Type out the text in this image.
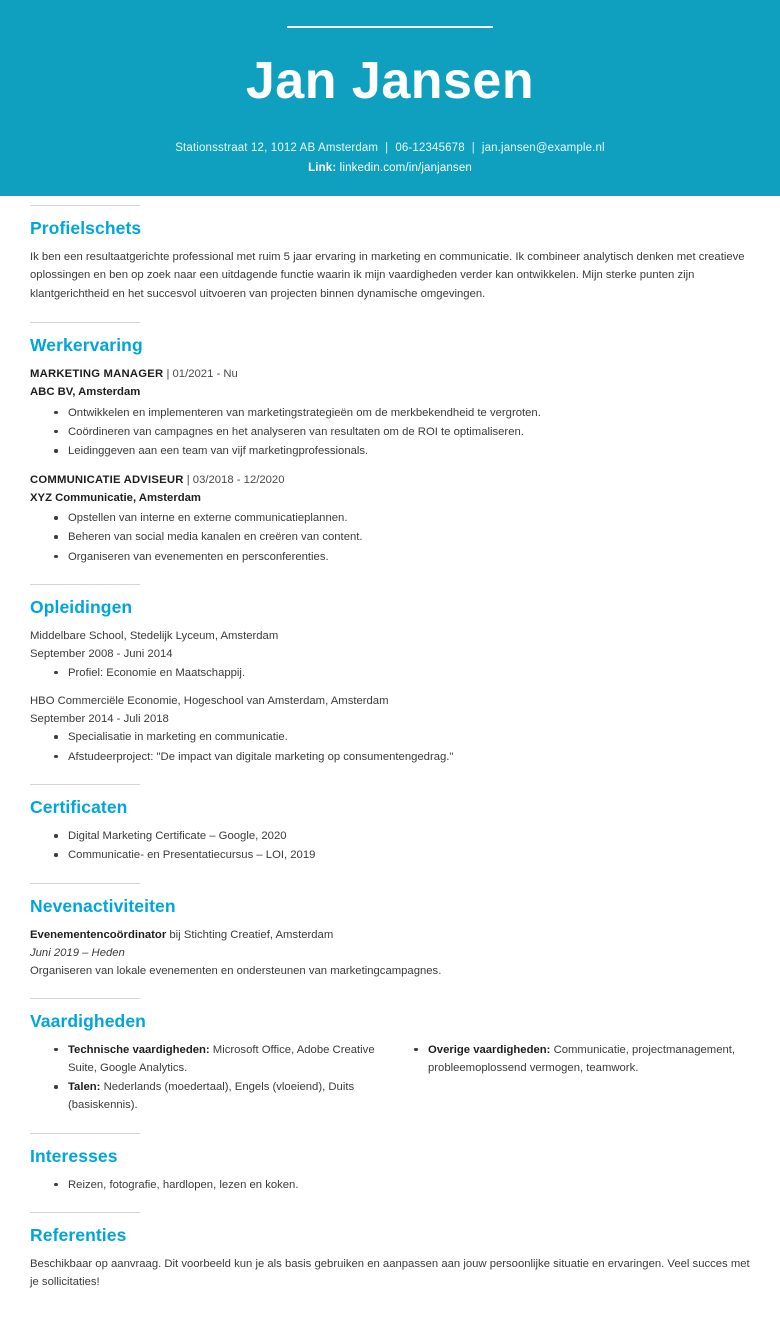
Jan Jansen
Stationsstraat 12, 1012 AB Amsterdam | 06-12345678 | jan.jansen@example.nl
Link: linkedin.com/in/janjansen
Profielschets

Ik ben een resultaatgerichte professional met ruim 5 jaar ervaring in marketing en communicatie. Ik combineer analytisch denken met creatieve oplossingen en ben op zoek naar een uitdagende functie waarin ik mijn vaardigheden verder kan ontwikkelen. Mijn sterke punten zijn klantgerichtheid en het succesvol uitvoeren van projecten binnen dynamische omgevingen.

Werkervaring

MARKETING MANAGER | 01/2021 - Nu

ABC BV, Amsterdam

Ontwikkelen en implementeren van marketingstrategieën om de merkbekendheid te vergroten.
Coördineren van campagnes en het analyseren van resultaten om de ROI te optimaliseren.
Leidinggeven aan een team van vijf marketingprofessionals.

COMMUNICATIE ADVISEUR | 03/2018 - 12/2020

XYZ Communicatie, Amsterdam

Opstellen van interne en externe communicatieplannen.
Beheren van social media kanalen en creëren van content.
Organiseren van evenementen en persconferenties.
Opleidingen

Middelbare School, Stedelijk Lyceum, Amsterdam

September 2008 - Juni 2014

Profiel: Economie en Maatschappij.

HBO Commerciële Economie, Hogeschool van Amsterdam, Amsterdam

September 2014 - Juli 2018

Specialisatie in marketing en communicatie.
Afstudeerproject: "De impact van digitale marketing op consumentengedrag."
Certificaten
Digital Marketing Certificate – Google, 2020
Communicatie- en Presentatiecursus – LOI, 2019
Nevenactiviteiten

Evenementencoördinator bij Stichting Creatief, Amsterdam

Juni 2019 – Heden

Organiseren van lokale evenementen en ondersteunen van marketingcampagnes.

Vaardigheden
Technische vaardigheden: Microsoft Office, Adobe Creative Suite, Google Analytics.
Talen: Nederlands (moedertaal), Engels (vloeiend), Duits (basiskennis).
Overige vaardigheden: Communicatie, projectmanagement, probleemoplossend vermogen, teamwork.
Interesses
Reizen, fotografie, hardlopen, lezen en koken.
Referenties

Beschikbaar op aanvraag. Dit voorbeeld kun je als basis gebruiken en aanpassen aan jouw persoonlijke situatie en ervaringen. Veel succes met je sollicitaties!
